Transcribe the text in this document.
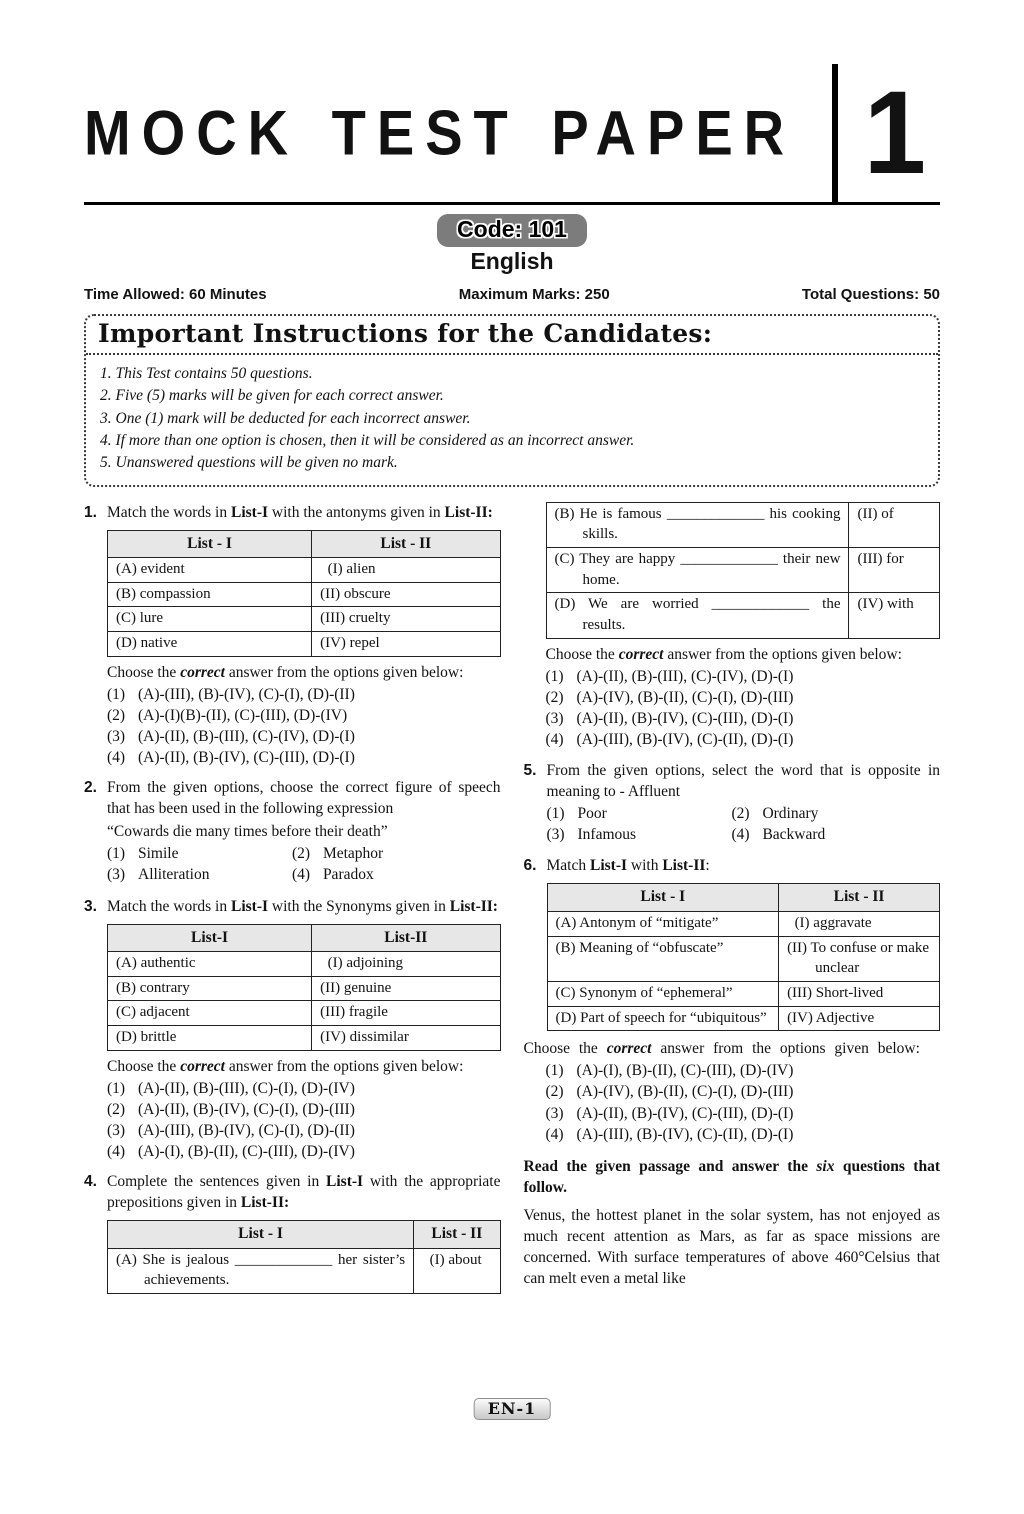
MOCK TEST PAPER 1
Code: 101
English
Time Allowed: 60 Minutes	Maximum Marks: 250	Total Questions: 50
Important Instructions for the Candidates:
1. This Test contains 50 questions.
2. Five (5) marks will be given for each correct answer.
3. One (1) mark will be deducted for each incorrect answer.
4. If more than one option is chosen, then it will be considered as an incorrect answer.
5. Unanswered questions will be given no mark.
1. Match the words in List-I with the antonyms given in List-II:

List - I	List - II
(A) evident	 (I) alien
(B) compassion	(II) obscure
(C) lure	(III) cruelty
(D) native	(IV) repel

Choose the correct answer from the options given below:

(1) (A)-(III), (B)-(IV), (C)-(I), (D)-(II)
(2) (A)-(I)(B)-(II), (C)-(III), (D)-(IV)
(3) (A)-(II), (B)-(III), (C)-(IV), (D)-(I)
(4) (A)-(II), (B)-(IV), (C)-(III), (D)-(I)
2. From the given options, choose the correct figure of speech that has been used in the following expression

“Cowards die many times before their death”

(1) Simile	(2) Metaphor
(3) Alliteration	(4) Paradox
3. Match the words in List-I with the Synonyms given in List-II:

List-I	List-II
(A) authentic	 (I) adjoining
(B) contrary	(II) genuine
(C) adjacent	(III) fragile
(D) brittle	(IV) dissimilar

Choose the correct answer from the options given below:

(1) (A)-(II), (B)-(III), (C)-(I), (D)-(IV)
(2) (A)-(II), (B)-(IV), (C)-(I), (D)-(III)
(3) (A)-(III), (B)-(IV), (C)-(I), (D)-(II)
(4) (A)-(I), (B)-(II), (C)-(III), (D)-(IV)
4. Complete the sentences given in List-I with the appropriate prepositions given in List-II:

List - I	List - II
(A) She is jealous _____________ her sister’s achievements.	 (I) about
(B) He is famous _____________ his cooking skills.	(II) of
(C) They are happy _____________ their new home.	(III) for
(D) We are worried _____________ the results.	(IV) with

Choose the correct answer from the options given below:

(1) (A)-(II), (B)-(III), (C)-(IV), (D)-(I)
(2) (A)-(IV), (B)-(II), (C)-(I), (D)-(III)
(3) (A)-(II), (B)-(IV), (C)-(III), (D)-(I)
(4) (A)-(III), (B)-(IV), (C)-(II), (D)-(I)
5. From the given options, select the word that is opposite in meaning to - Affluent

(1) Poor	(2) Ordinary
(3) Infamous	(4) Backward
6. Match List-I with List-II:

List - I	List - II
(A) Antonym of “mitigate”	 (I) aggravate
(B) Meaning of “obfuscate”	(II) To confuse or make unclear
(C) Synonym of “ephemeral”	(III) Short-lived
(D) Part of speech for “ubiquitous”	(IV) Adjective

Choose the correct answer from the options given below:

(1) (A)-(I), (B)-(II), (C)-(III), (D)-(IV)
(2) (A)-(IV), (B)-(II), (C)-(I), (D)-(III)
(3) (A)-(II), (B)-(IV), (C)-(III), (D)-(I)
(4) (A)-(III), (B)-(IV), (C)-(II), (D)-(I)

Read the given passage and answer the six questions that follow.

Venus, the hottest planet in the solar system, has not enjoyed as much recent attention as Mars, as far as space missions are concerned. With surface temperatures of above 460°Celsius that can melt even a metal like

EN-1
